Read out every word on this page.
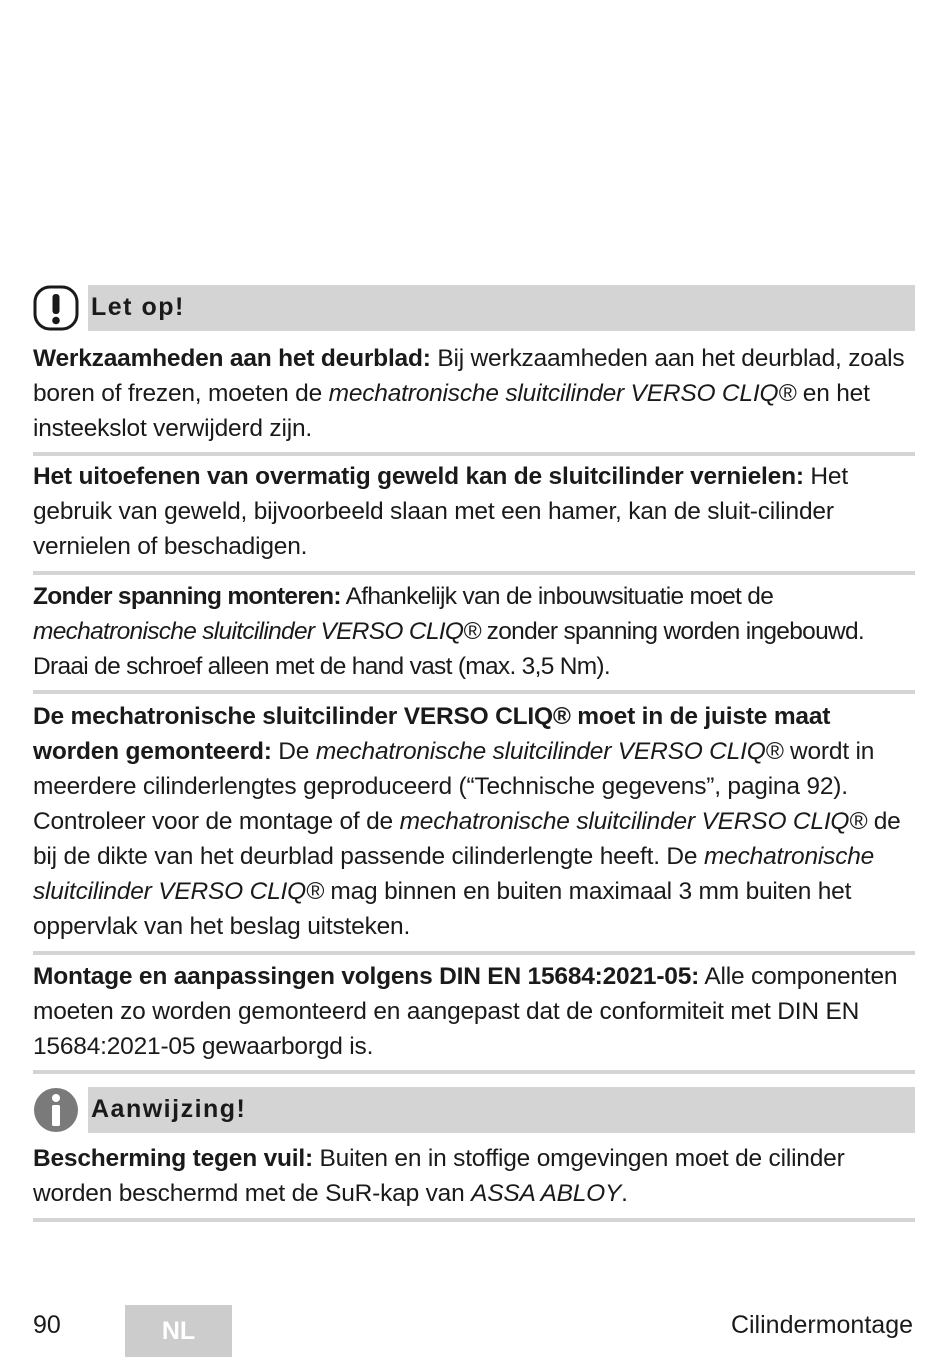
Let op!
Werkzaamheden aan het deurblad: Bij werkzaamheden aan het deurblad, zoals boren of frezen, moeten de mechatronische sluitcilinder VERSO CLIQ® en het insteekslot verwijderd zijn.
Het uitoefenen van overmatig geweld kan de sluitcilinder vernielen: Het gebruik van geweld, bijvoorbeeld slaan met een hamer, kan de sluit-cilinder vernielen of beschadigen.
Zonder spanning monteren: Afhankelijk van de inbouwsituatie moet de mechatronische sluitcilinder VERSO CLIQ® zonder spanning worden ingebouwd. Draai de schroef alleen met de hand vast (max. 3,5 Nm).
De mechatronische sluitcilinder VERSO CLIQ® moet in de juiste maat worden gemonteerd: De mechatronische sluitcilinder VERSO CLIQ® wordt in meerdere cilinderlengtes geproduceerd (“Technische gegevens”, pagina 92). Controleer voor de montage of de mechatronische sluitcilinder VERSO CLIQ® de bij de dikte van het deurblad passende cilinderlengte heeft. De mechatronische sluitcilinder VERSO CLIQ® mag binnen en buiten maximaal 3 mm buiten het oppervlak van het beslag uitsteken.
Montage en aanpassingen volgens DIN EN 15684:2021-05: Alle componenten moeten zo worden gemonteerd en aangepast dat de conformiteit met DIN EN 15684:2021-05 gewaarborgd is.
Aanwijzing!
Bescherming tegen vuil: Buiten en in stoffige omgevingen moet de cilinder worden beschermd met de SuR-kap van ASSA ABLOY.
90	NL	Cilindermontage
